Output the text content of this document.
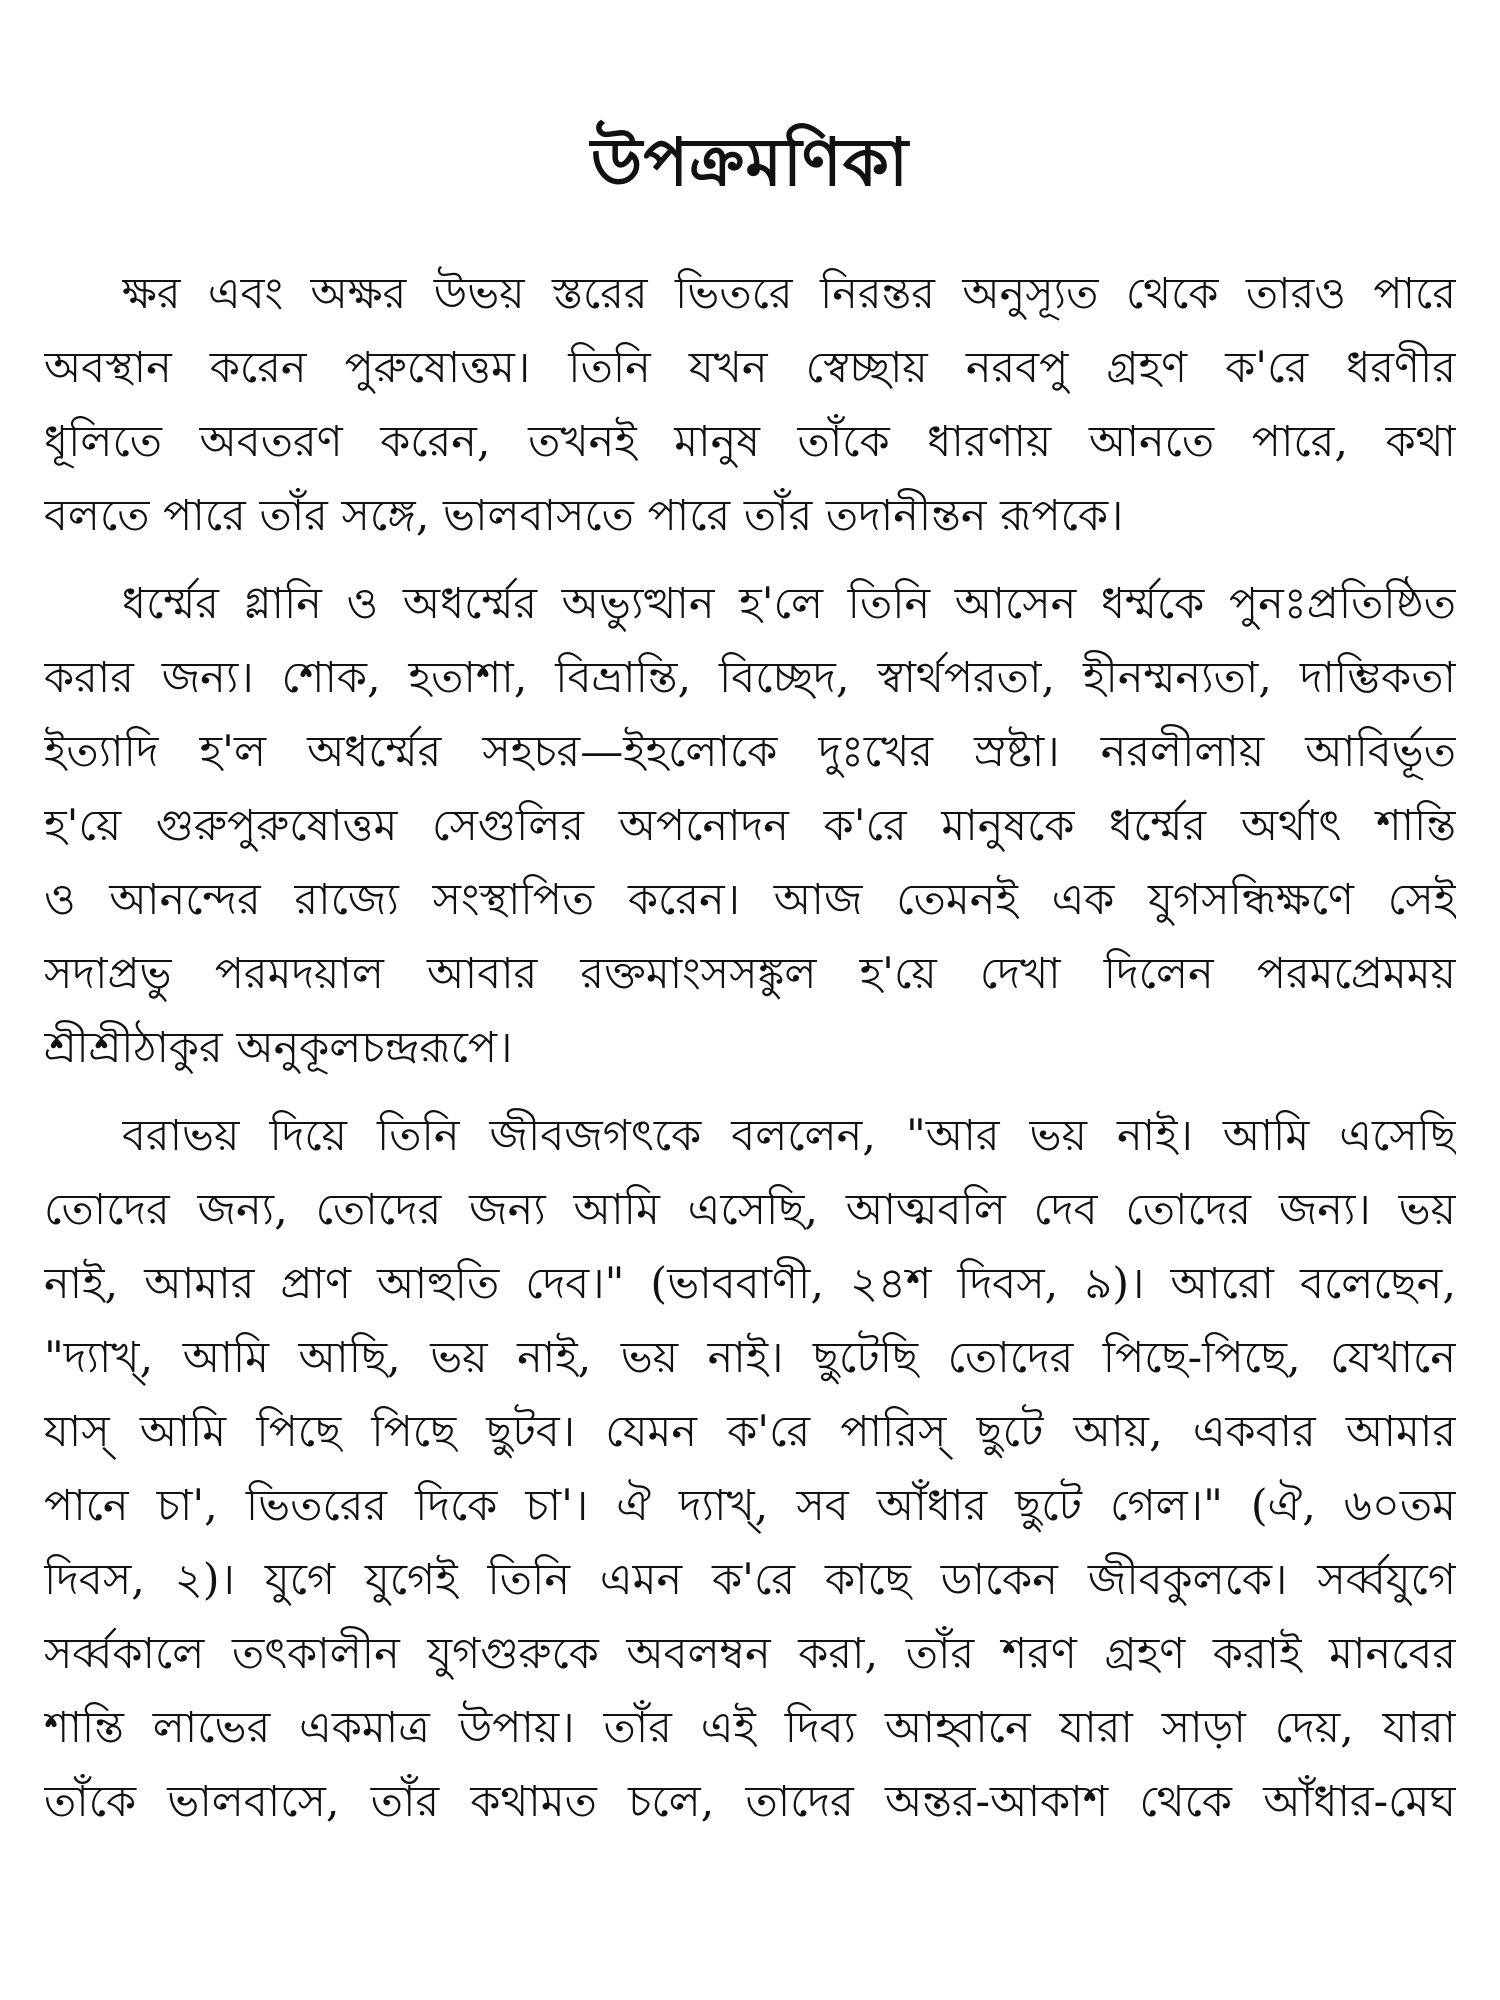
উপক্রমণিকা
ক্ষর এবং অক্ষর উভয় স্তরের ভিতরে নিরন্তর অনুস্যূত থেকে তারও পারে
অবস্থান করেন পুরুষোত্তম। তিনি যখন স্বেচ্ছায় নরবপু গ্রহণ ক'রে ধরণীর
ধূলিতে অবতরণ করেন, তখনই মানুষ তাঁকে ধারণায় আনতে পারে, কথা
বলতে পারে তাঁর সঙ্গে, ভালবাসতে পারে তাঁর তদানীন্তন রূপকে।
ধর্ম্মের গ্লানি ও অধর্ম্মের অভ্যুত্থান হ'লে তিনি আসেন ধর্ম্মকে পুনঃপ্রতিষ্ঠিত
করার জন্য। শোক, হতাশা, বিভ্রান্তি, বিচ্ছেদ, স্বার্থপরতা, হীনম্মন্যতা, দাম্ভিকতা
ইত্যাদি হ'ল অধর্ম্মের সহচর—ইহলোকে দুঃখের স্রষ্টা। নরলীলায় আবির্ভূত
হ'য়ে গুরুপুরুষোত্তম সেগুলির অপনোদন ক'রে মানুষকে ধর্ম্মের অর্থাৎ শান্তি
ও আনন্দের রাজ্যে সংস্থাপিত করেন। আজ তেমনই এক যুগসন্ধিক্ষণে সেই
সদাপ্রভু পরমদয়াল আবার রক্তমাংসসঙ্কুল হ'য়ে দেখা দিলেন পরমপ্রেমময়
শ্রীশ্রীঠাকুর অনুকূলচন্দ্ররূপে।
বরাভয় দিয়ে তিনি জীবজগৎকে বললেন, "আর ভয় নাই। আমি এসেছি
তোদের জন্য, তোদের জন্য আমি এসেছি, আত্মবলি দেব তোদের জন্য। ভয়
নাই, আমার প্রাণ আহুতি দেব।" (ভাববাণী, ২৪শ দিবস, ৯)। আরো বলেছেন,
"দ্যাখ্, আমি আছি, ভয় নাই, ভয় নাই। ছুটেছি তোদের পিছে-পিছে, যেখানে
যাস্ আমি পিছে পিছে ছুটব। যেমন ক'রে পারিস্ ছুটে আয়, একবার আমার
পানে চা', ভিতরের দিকে চা'। ঐ দ্যাখ্, সব আঁধার ছুটে গেল।" (ঐ, ৬০তম
দিবস, ২)। যুগে যুগেই তিনি এমন ক'রে কাছে ডাকেন জীবকুলকে। সর্ব্বযুগে
সর্ব্বকালে তৎকালীন যুগগুরুকে অবলম্বন করা, তাঁর শরণ গ্রহণ করাই মানবের
শান্তি লাভের একমাত্র উপায়। তাঁর এই দিব্য আহ্বানে যারা সাড়া দেয়, যারা
তাঁকে ভালবাসে, তাঁর কথামত চলে, তাদের অন্তর-আকাশ থেকে আঁধার-মেঘ
